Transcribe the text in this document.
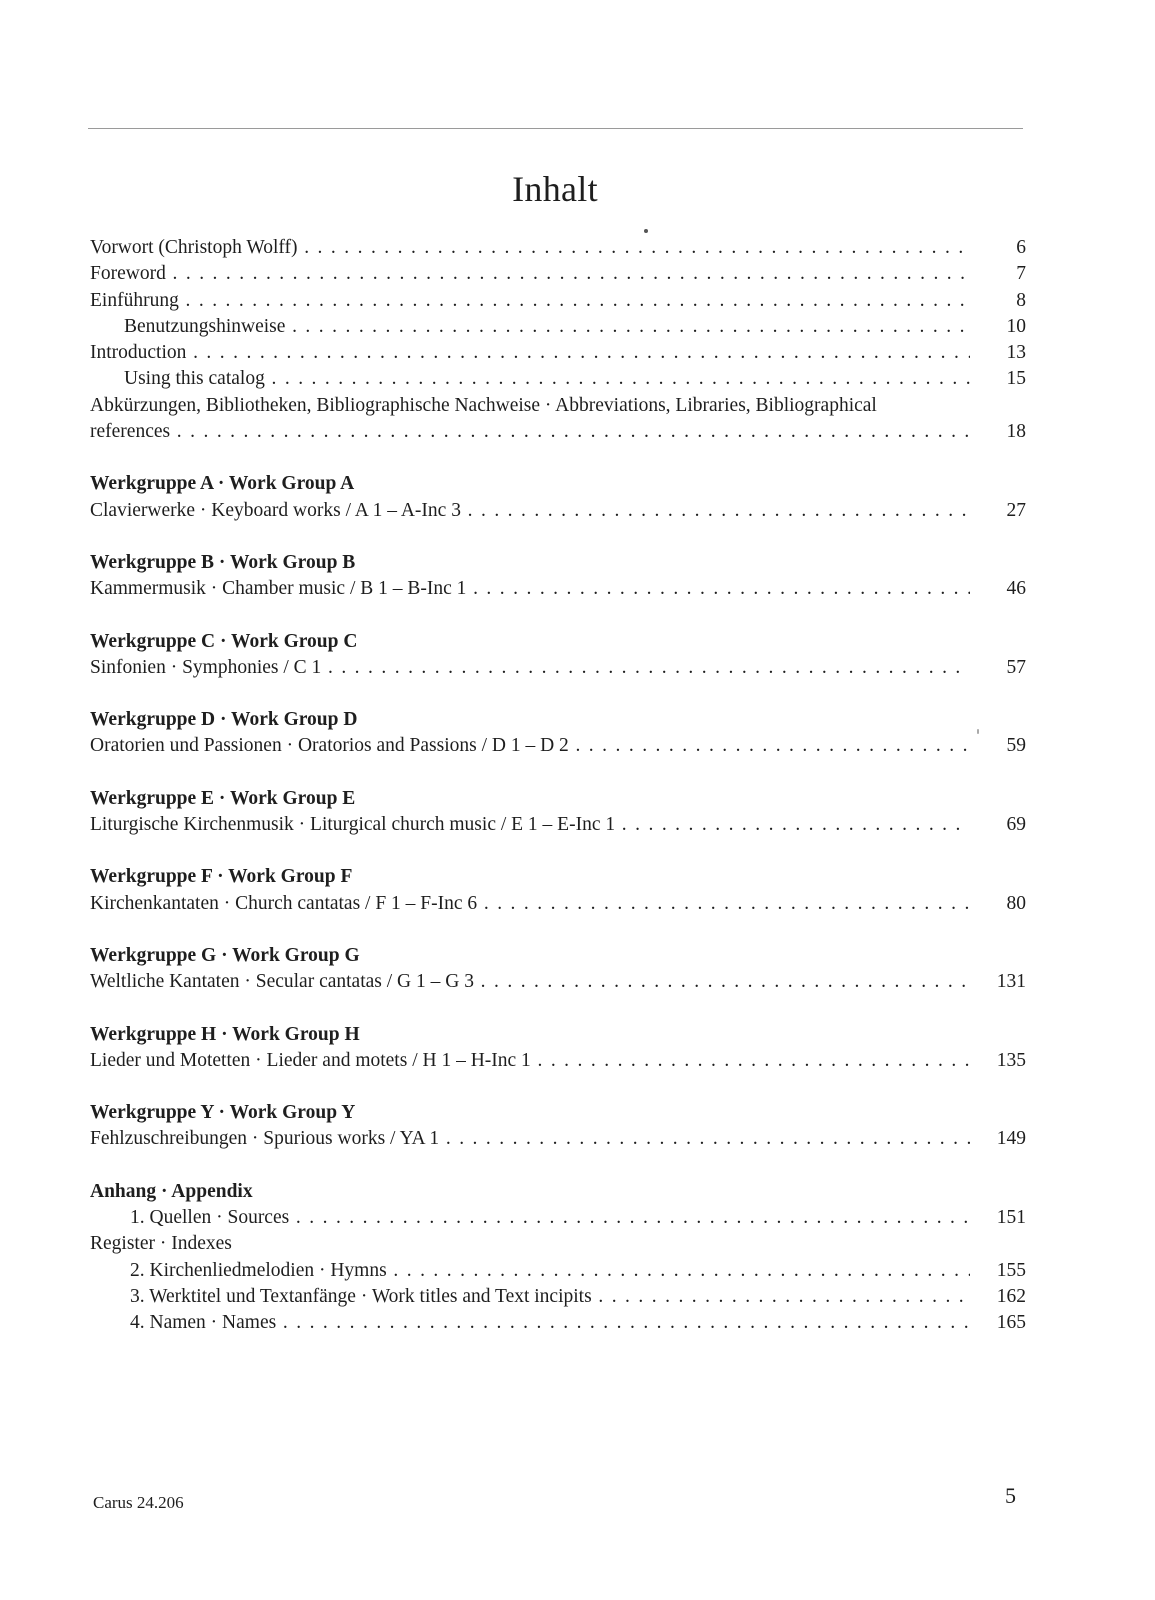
Inhalt
Vorwort (Christoph Wolff) . . .	6
Foreword . . .	7
Einführung . . .	8
Benutzungshinweise . . .	10
Introduction . . .	13
Using this catalog . . .	15
Abkürzungen, Bibliotheken, Bibliographische Nachweise · Abbreviations, Libraries, Bibliographical
references . . .	18
Werkgruppe A · Work Group A
Clavierwerke · Keyboard works / A 1 – A-Inc 3 . . .	27
Werkgruppe B · Work Group B
Kammermusik · Chamber music / B 1 – B-Inc 1 . . .	46
Werkgruppe C · Work Group C
Sinfonien · Symphonies / C 1 . . .	57
Werkgruppe D · Work Group D
Oratorien und Passionen · Oratorios and Passions / D 1 – D 2 . . .	59
Werkgruppe E · Work Group E
Liturgische Kirchenmusik · Liturgical church music / E 1 – E-Inc 1 . . .	69
Werkgruppe F · Work Group F
Kirchenkantaten · Church cantatas / F 1 – F-Inc 6 . . .	80
Werkgruppe G · Work Group G
Weltliche Kantaten · Secular cantatas / G 1 – G 3 . . .	131
Werkgruppe H · Work Group H
Lieder und Motetten · Lieder and motets / H 1 – H-Inc 1 . . .	135
Werkgruppe Y · Work Group Y
Fehlzuschreibungen · Spurious works / YA 1 . . .	149
Anhang · Appendix
1. Quellen · Sources . . .	151
Register · Indexes
2. Kirchenliedmelodien · Hymns . . .	155
3. Werktitel und Textanfänge · Work titles and Text incipits . . .	162
4. Namen · Names . . .	165
Carus 24.206	5
